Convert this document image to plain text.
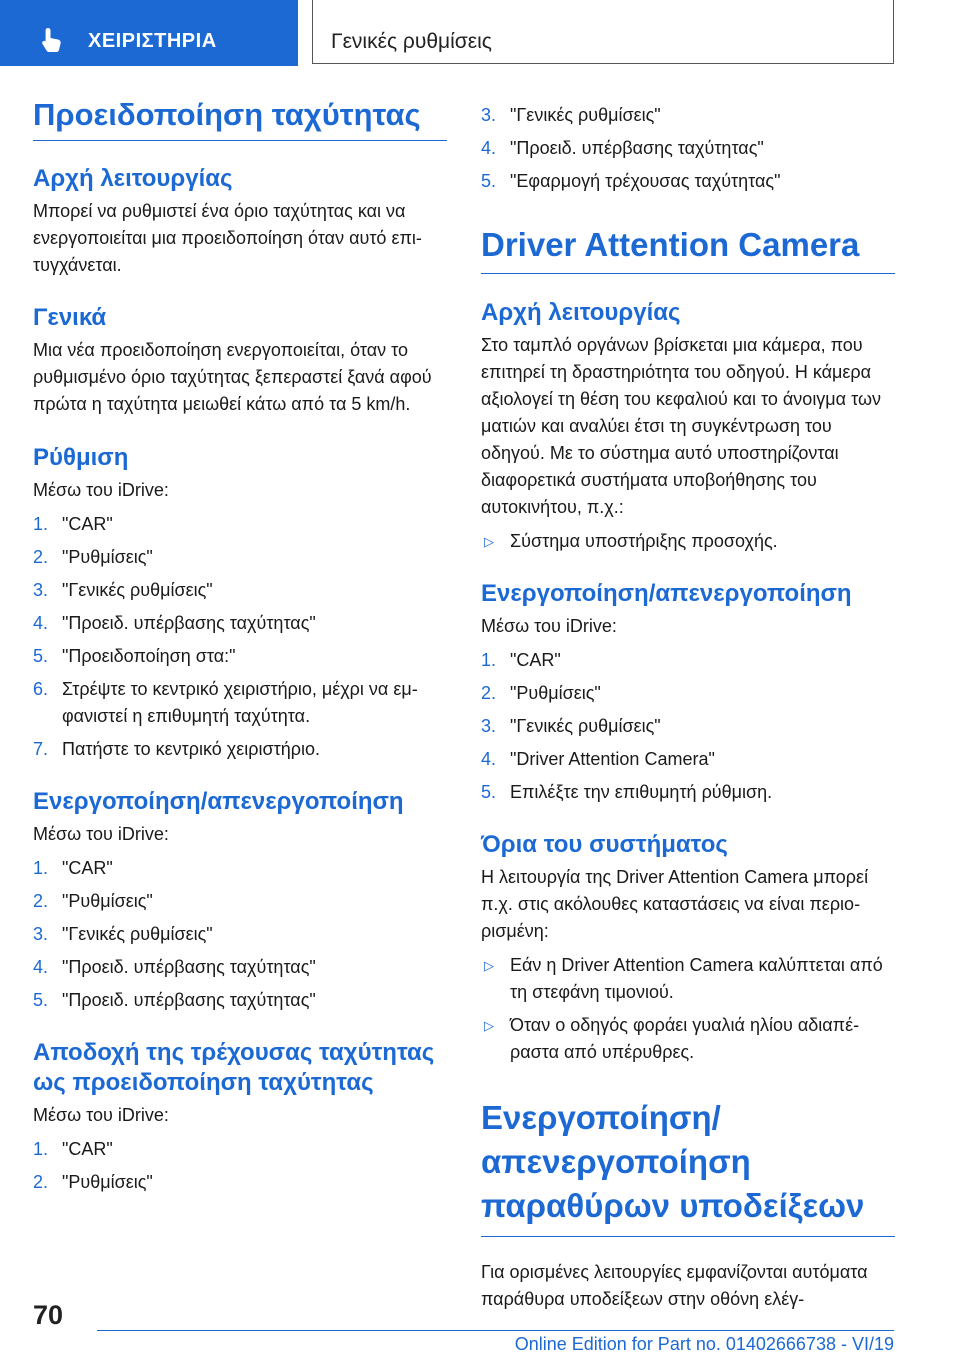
ΧΕΙΡΙΣΤΗΡΙΑ	Γενικές ρυθμίσεις
Προειδοποίηση ταχύτητας
Αρχή λειτουργίας

Μπορεί να ρυθμιστεί ένα όριο ταχύτητας και να ενεργοποιείται μια προειδοποίηση όταν αυτό επιτυγχάνεται.

Γενικά

Μια νέα προειδοποίηση ενεργοποιείται, όταν το ρυθμισμένο όριο ταχύτητας ξεπεραστεί ξανά αφού πρώτα η ταχύτητα μειωθεί κάτω από τα 5 km/h.

Ρύθμιση

Μέσω του iDrive:

1. "CAR"
2. "Ρυθμίσεις"
3. "Γενικές ρυθμίσεις"
4. "Προειδ. υπέρβασης ταχύτητας"
5. "Προειδοποίηση στα:"
6. Στρέψτε το κεντρικό χειριστήριο, μέχρι να εμφανιστεί η επιθυμητή ταχύτητα.
7. Πατήστε το κεντρικό χειριστήριο.
Ενεργοποίηση/απενεργοποίηση

Μέσω του iDrive:

1. "CAR"
2. "Ρυθμίσεις"
3. "Γενικές ρυθμίσεις"
4. "Προειδ. υπέρβασης ταχύτητας"
5. "Προειδ. υπέρβασης ταχύτητας"
Αποδοχή της τρέχουσας ταχύτητας ως προειδοποίηση ταχύτητας

Μέσω του iDrive:

1. "CAR"
2. "Ρυθμίσεις"
3. "Γενικές ρυθμίσεις"
4. "Προειδ. υπέρβασης ταχύτητας"
5. "Εφαρμογή τρέχουσας ταχύτητας"
Driver Attention Camera
Αρχή λειτουργίας

Στο ταμπλό οργάνων βρίσκεται μια κάμερα, που επιτηρεί τη δραστηριότητα του οδηγού. Η κάμερα αξιολογεί τη θέση του κεφαλιού και το άνοιγμα των ματιών και αναλύει έτσι τη συγκέντρωση του οδηγού. Με το σύστημα αυτό υποστηρίζονται διαφορετικά συστήματα υποβοήθησης του αυτοκινήτου, π.χ.:

▷ Σύστημα υποστήριξης προσοχής.
Ενεργοποίηση/απενεργοποίηση

Μέσω του iDrive:

1. "CAR"
2. "Ρυθμίσεις"
3. "Γενικές ρυθμίσεις"
4. "Driver Attention Camera"
5. Επιλέξτε την επιθυμητή ρύθμιση.
Όρια του συστήματος

Η λειτουργία της Driver Attention Camera μπορεί π.χ. στις ακόλουθες καταστάσεις να είναι περιορισμένη:

▷ Εάν η Driver Attention Camera καλύπτεται από τη στεφάνη τιμονιού.
▷ Όταν ο οδηγός φοράει γυαλιά ηλίου αδιαπέραστα από υπέρυθρες.
Ενεργοποίηση/ απενεργοποίηση παραθύρων υποδείξεων

Για ορισμένες λειτουργίες εμφανίζονται αυτόματα παράθυρα υποδείξεων στην οθόνη ελέγ-

70
Online Edition for Part no. 01402666738 - VI/19
